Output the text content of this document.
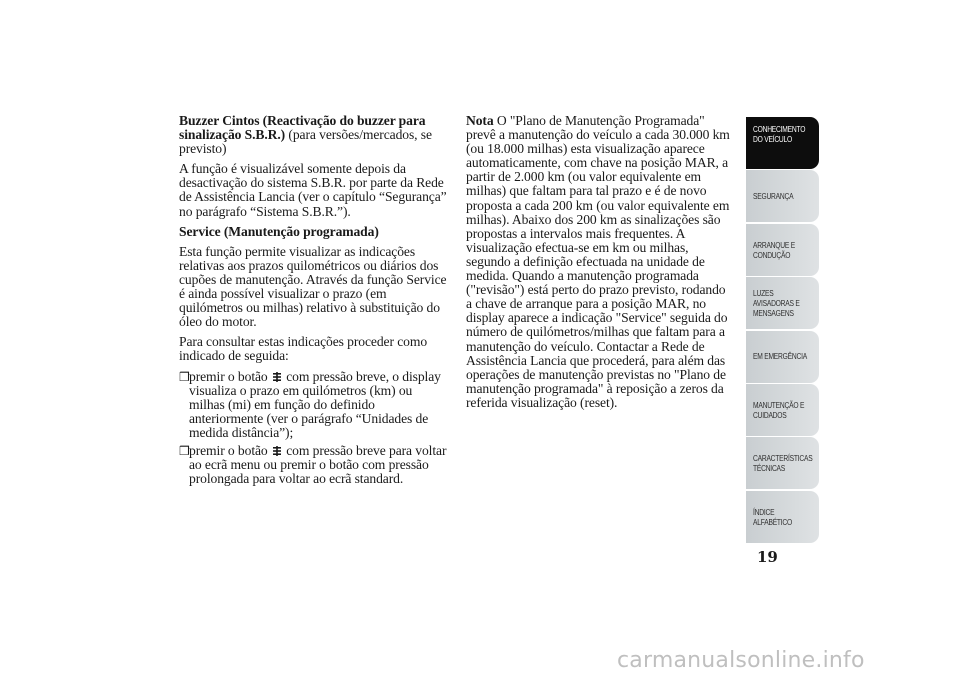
Buzzer Cintos (Reactivação do buzzer para sinalização S.B.R.) (para versões/mercados, se previsto)

A função é visualizável somente depois da desactivação do sistema S.B.R. por parte da Rede de Assistência Lancia (ver o capítulo “Segurança” no parágrafo “Sistema S.B.R.”).

Service (Manutenção programada)

Esta função permite visualizar as indicações relativas aos prazos quilométricos ou diários dos cupões de manutenção. Através da função Service é ainda possível visualizar o prazo (em quilómetros ou milhas) relativo à substituição do óleo do motor.

Para consultar estas indicações proceder como indicado de seguida:

❒ premir o botão  com pressão breve, o display visualiza o prazo em quilómetros (km) ou milhas (mi) em função do definido anteriormente (ver o parágrafo “Unidades de medida distância”);
❒ premir o botão  com pressão breve para voltar ao ecrã menu ou premir o botão com pressão prolongada para voltar ao ecrã standard.

Nota O "Plano de Manutenção Programada" prevê a manutenção do veículo a cada 30.000 km (ou 18.000 milhas) esta visualização aparece automaticamente, com chave na posição MAR, a partir de 2.000 km (ou valor equivalente em milhas) que faltam para tal prazo e é de novo proposta a cada 200 km (ou valor equivalente em milhas). Abaixo dos 200 km as sinalizações são propostas a intervalos mais frequentes. A visualização efectua-se em km ou milhas, segundo a definição efectuada na unidade de medida. Quando a manutenção programada ("revisão") está perto do prazo previsto, rodando a chave de arranque para a posição MAR, no display aparece a indicação "Service" seguida do número de quilómetros/milhas que faltam para a manutenção do veículo. Contactar a Rede de Assistência Lancia que procederá, para além das operações de manutenção previstas no "Plano de manutenção programada" à reposição a zeros da referida visualização (reset).

CONHECIMENTO
DO VEÍCULO
SEGURANÇA
ARRANQUE E
CONDUÇÃO
LUZES
AVISADORAS E
MENSAGENS
EM EMERGÊNCIA
MANUTENÇÃO E
CUIDADOS
CARACTERÍSTICAS
TÉCNICAS
ÍNDICE
ALFABÉTICO
19
carmanualsonline.info
